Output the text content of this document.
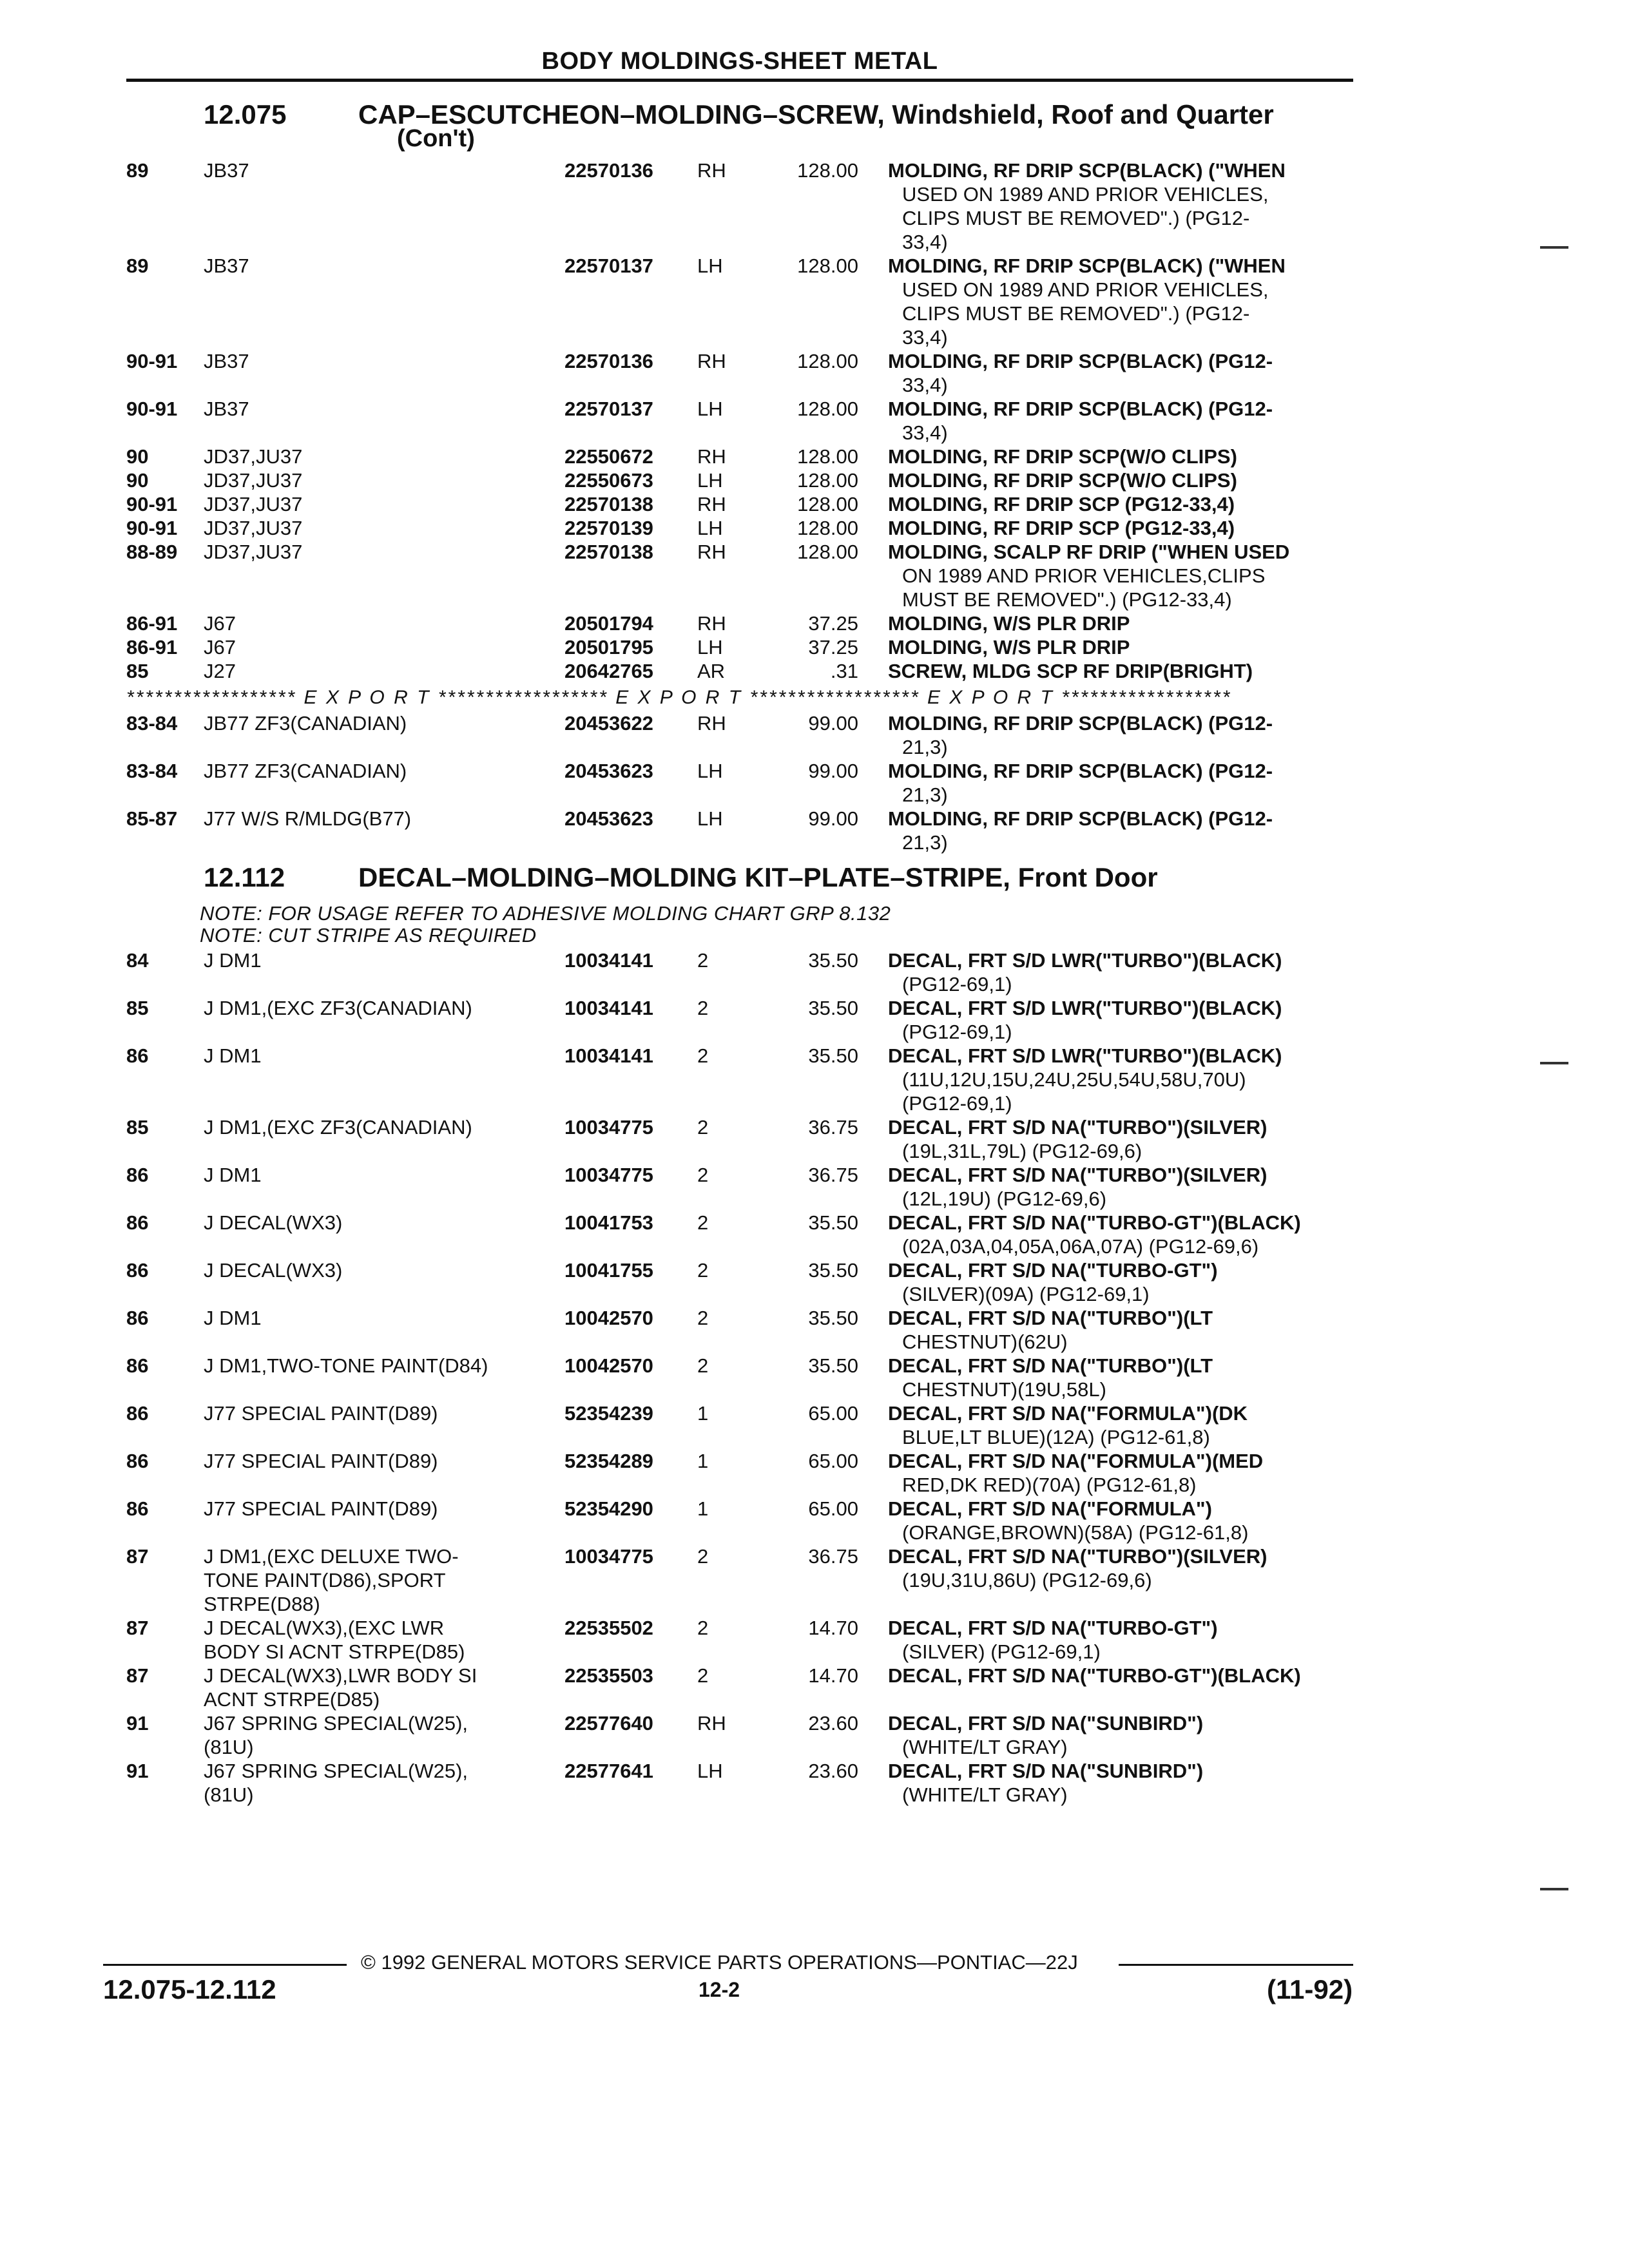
BODY MOLDINGS-SHEET METAL
12.075	CAP–ESCUTCHEON–MOLDING–SCREW, Windshield, Roof and Quarter
(Con't)
89	JB37	22570136 RH	128.00 MOLDING, RF DRIP SCP(BLACK) ("WHEN
USED ON 1989 AND PRIOR VEHICLES,
CLIPS MUST BE REMOVED".) (PG12-
33,4)
89	JB37	22570137 LH	128.00 MOLDING, RF DRIP SCP(BLACK) ("WHEN
USED ON 1989 AND PRIOR VEHICLES,
CLIPS MUST BE REMOVED".) (PG12-
33,4)
90-91 JB37	22570136 RH	128.00 MOLDING, RF DRIP SCP(BLACK) (PG12-
33,4)
90-91 JB37	22570137 LH	128.00 MOLDING, RF DRIP SCP(BLACK) (PG12-
33,4)
90	JD37,JU37	22550672 RH	128.00 MOLDING, RF DRIP SCP(W/O CLIPS)
90	JD37,JU37	22550673 LH	128.00 MOLDING, RF DRIP SCP(W/O CLIPS)
90-91 JD37,JU37	22570138 RH	128.00 MOLDING, RF DRIP SCP (PG12-33,4)
90-91 JD37,JU37	22570139 LH	128.00 MOLDING, RF DRIP SCP (PG12-33,4)
88-89 JD37,JU37	22570138 RH	128.00 MOLDING, SCALP RF DRIP ("WHEN USED
ON 1989 AND PRIOR VEHICLES,CLIPS
MUST BE REMOVED".) (PG12-33,4)
86-91 J67	20501794 RH	37.25 MOLDING, W/S PLR DRIP
86-91 J67	20501795 LH	37.25 MOLDING, W/S PLR DRIP
85	J27	20642765 AR	.31 SCREW, MLDG SCP RF DRIP(BRIGHT)
****************** E X P O R T ****************** E X P O R T ****************** E X P O R T ******************
83-84 JB77 ZF3(CANADIAN)	20453622 RH	99.00 MOLDING, RF DRIP SCP(BLACK) (PG12-
21,3)
83-84 JB77 ZF3(CANADIAN)	20453623 LH	99.00 MOLDING, RF DRIP SCP(BLACK) (PG12-
21,3)
85-87 J77 W/S R/MLDG(B77)	20453623 LH	99.00 MOLDING, RF DRIP SCP(BLACK) (PG12-
21,3)
12.112	DECAL–MOLDING–MOLDING KIT–PLATE–STRIPE, Front Door
NOTE: FOR USAGE REFER TO ADHESIVE MOLDING CHART GRP 8.132
NOTE: CUT STRIPE AS REQUIRED
84	J DM1	10034141 2	35.50 DECAL, FRT S/D LWR("TURBO")(BLACK)
(PG12-69,1)
85	J DM1,(EXC ZF3(CANADIAN)	10034141 2	35.50 DECAL, FRT S/D LWR("TURBO")(BLACK)
(PG12-69,1)
86	J DM1	10034141 2	35.50 DECAL, FRT S/D LWR("TURBO")(BLACK)
(11U,12U,15U,24U,25U,54U,58U,70U)
(PG12-69,1)
85	J DM1,(EXC ZF3(CANADIAN)	10034775 2	36.75 DECAL, FRT S/D NA("TURBO")(SILVER)
(19L,31L,79L) (PG12-69,6)
86	J DM1	10034775 2	36.75 DECAL, FRT S/D NA("TURBO")(SILVER)
(12L,19U) (PG12-69,6)
86	J DECAL(WX3)	10041753 2	35.50 DECAL, FRT S/D NA("TURBO-GT")(BLACK)
(02A,03A,04,05A,06A,07A) (PG12-69,6)
86	J DECAL(WX3)	10041755 2	35.50 DECAL, FRT S/D NA("TURBO-GT")
(SILVER)(09A) (PG12-69,1)
86	J DM1	10042570 2	35.50 DECAL, FRT S/D NA("TURBO")(LT
CHESTNUT)(62U)
86	J DM1,TWO-TONE PAINT(D84)	10042570 2	35.50 DECAL, FRT S/D NA("TURBO")(LT
CHESTNUT)(19U,58L)
86	J77 SPECIAL PAINT(D89)	52354239 1	65.00 DECAL, FRT S/D NA("FORMULA")(DK
BLUE,LT BLUE)(12A) (PG12-61,8)
86	J77 SPECIAL PAINT(D89)	52354289 1	65.00 DECAL, FRT S/D NA("FORMULA")(MED
RED,DK RED)(70A) (PG12-61,8)
86	J77 SPECIAL PAINT(D89)	52354290 1	65.00 DECAL, FRT S/D NA("FORMULA")
(ORANGE,BROWN)(58A) (PG12-61,8)
87	J DM1,(EXC DELUXE TWO-
TONE PAINT(D86),SPORT
STRPE(D88)
10034775 2	36.75 DECAL, FRT S/D NA("TURBO")(SILVER)
(19U,31U,86U) (PG12-69,6)
87	J DECAL(WX3),(EXC LWR
BODY SI ACNT STRPE(D85)
22535502 2	14.70 DECAL, FRT S/D NA("TURBO-GT")
(SILVER) (PG12-69,1)
87	J DECAL(WX3),LWR BODY SI
ACNT STRPE(D85)
22535503 2	14.70 DECAL, FRT S/D NA("TURBO-GT")(BLACK)
91	J67 SPRING SPECIAL(W25),
(81U)
22577640 RH	23.60 DECAL, FRT S/D NA("SUNBIRD")
(WHITE/LT GRAY)
91	J67 SPRING SPECIAL(W25),
(81U)
22577641 LH	23.60 DECAL, FRT S/D NA("SUNBIRD")
(WHITE/LT GRAY)
© 1992 GENERAL MOTORS SERVICE PARTS OPERATIONS—PONTIAC—22J
12.075-12.112	12-2	(11-92)
